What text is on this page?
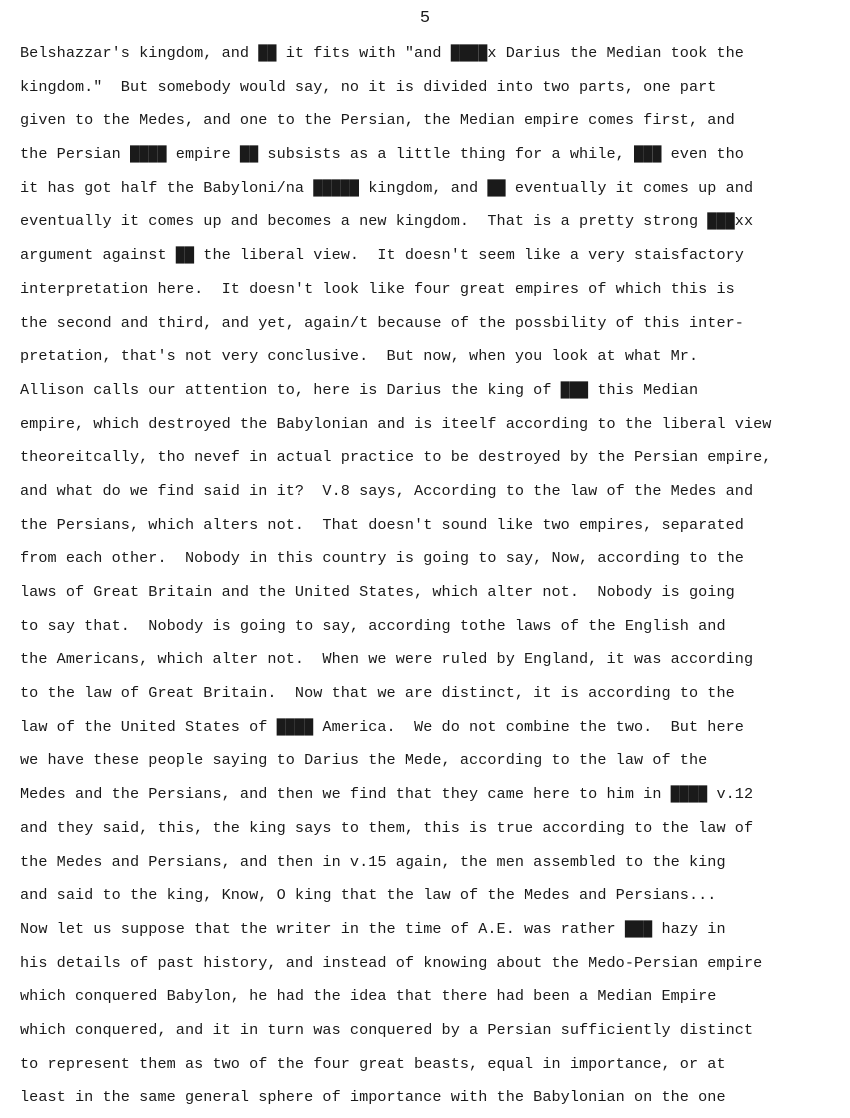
5
Belshazzar's kingdom, and ██ it fits with "and ████x Darius the Median took the
kingdom."  But somebody would say, no it is divided into two parts, one part
given to the Medes, and one to the Persian, the Median empire comes first, and
the Persian ████ empire ██ subsists as a little thing for a while, ███ even tho
it has got half the Babyloni/na █████ kingdom, and ██ eventually it comes up and
eventually it comes up and becomes a new kingdom.  That is a pretty strong ███xx
argument against ██ the liberal view.  It doesn't seem like a very staisfactory
interpretation here.  It doesn't look like four great empires of which this is
the second and third, and yet, again/t because of the possbility of this inter-
pretation, that's not very conclusive.  But now, when you look at what Mr.
Allison calls our attention to, here is Darius the king of ███ this Median
empire, which destroyed the Babylonian and is iteelf according to the liberal view
theoreitcally, tho nevef in actual practice to be destroyed by the Persian empire,
and what do we find said in it?  V.8 says, According to the law of the Medes and
the Persians, which alters not.  That doesn't sound like two empires, separated
from each other.  Nobody in this country is going to say, Now, according to the
laws of Great Britain and the United States, which alter not.  Nobody is going
to say that.  Nobody is going to say, according tothe laws of the English and
the Americans, which alter not.  When we were ruled by England, it was according
to the law of Great Britain.  Now that we are distinct, it is according to the
law of the United States of ████ America.  We do not combine the two.  But here
we have these people saying to Darius the Mede, according to the law of the
Medes and the Persians, and then we find that they came here to him in ████ v.12
and they said, this, the king says to them, this is true according to the law of
the Medes and Persians, and then in v.15 again, the men assembled to the king
and said to the king, Know, O king that the law of the Medes and Persians...
Now let us suppose that the writer in the time of A.E. was rather ███ hazy in
his details of past history, and instead of knowing about the Medo-Persian empire
which conquered Babylon, he had the idea that there had been a Median Empire
which conquered, and it in turn was conquered by a Persian sufficiently distinct
to represent them as two of the four great beasts, equal in importance, or at
least in the same general sphere of importance with the Babylonian on the one
